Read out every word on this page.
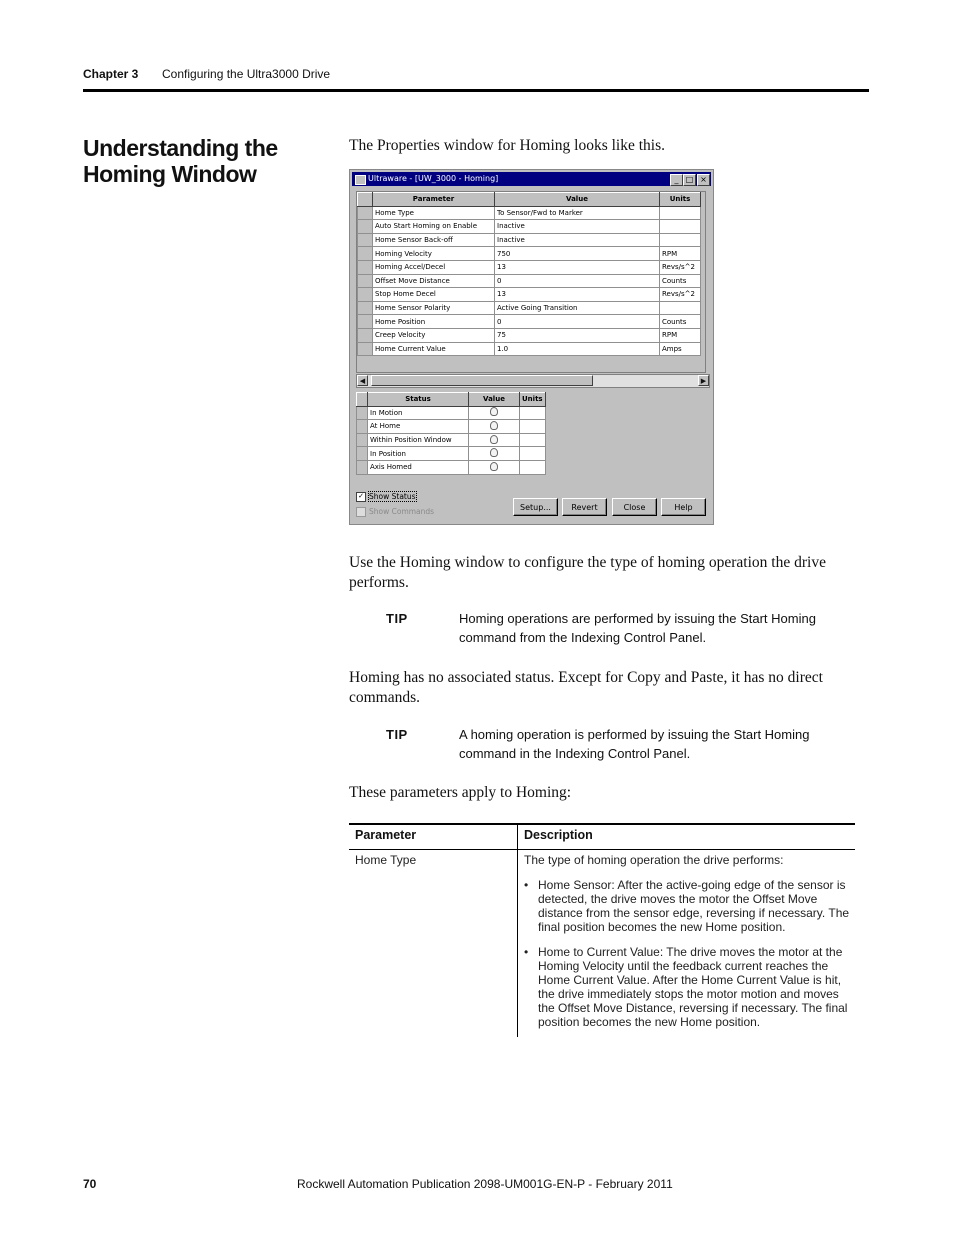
Chapter 3 Configuring the Ultra3000 Drive
Understanding the Homing Window
The Properties window for Homing looks like this.
Ultraware - [UW_3000 - Homing]	_ □ ×
	Parameter	Value	Units
	Home Type	To Sensor/Fwd to Marker	
	Auto Start Homing on Enable	Inactive	
	Home Sensor Back-off	Inactive	
	Homing Velocity	750	RPM
	Homing Accel/Decel	13	Revs/s^2
	Offset Move Distance	0	Counts
	Stop Home Decel	13	Revs/s^2
	Home Sensor Polarity	Active Going Transition	
	Home Position	0	Counts
	Creep Velocity	75	RPM
	Home Current Value	1.0	Amps
◀	▶
	Status	Value	Units
	In Motion		
	At Home		
	Within Position Window		
	In Position		
	Axis Homed		
✓ Show Status
Show Commands	Setup...	Revert	Close	Help
Use the Homing window to configure the type of homing operation the drive performs.
TIP	Homing operations are performed by issuing the Start Homing command from the Indexing Control Panel.
Homing has no associated status. Except for Copy and Paste, it has no direct commands.
TIP	A homing operation is performed by issuing the Start Homing command in the Indexing Control Panel.
These parameters apply to Homing:
Parameter	Description
Home Type	The type of homing operation the drive performs:
• Home Sensor: After the active-going edge of the sensor is detected, the drive moves the motor the Offset Move distance from the sensor edge, reversing if necessary. The final position becomes the new Home position.
• Home to Current Value: The drive moves the motor at the Homing Velocity until the feedback current reaches the Home Current Value. After the Home Current Value is hit, the drive immediately stops the motor motion and moves the Offset Move Distance, reversing if necessary. The final position becomes the new Home position.
70	Rockwell Automation Publication 2098-UM001G-EN-P - February 2011
